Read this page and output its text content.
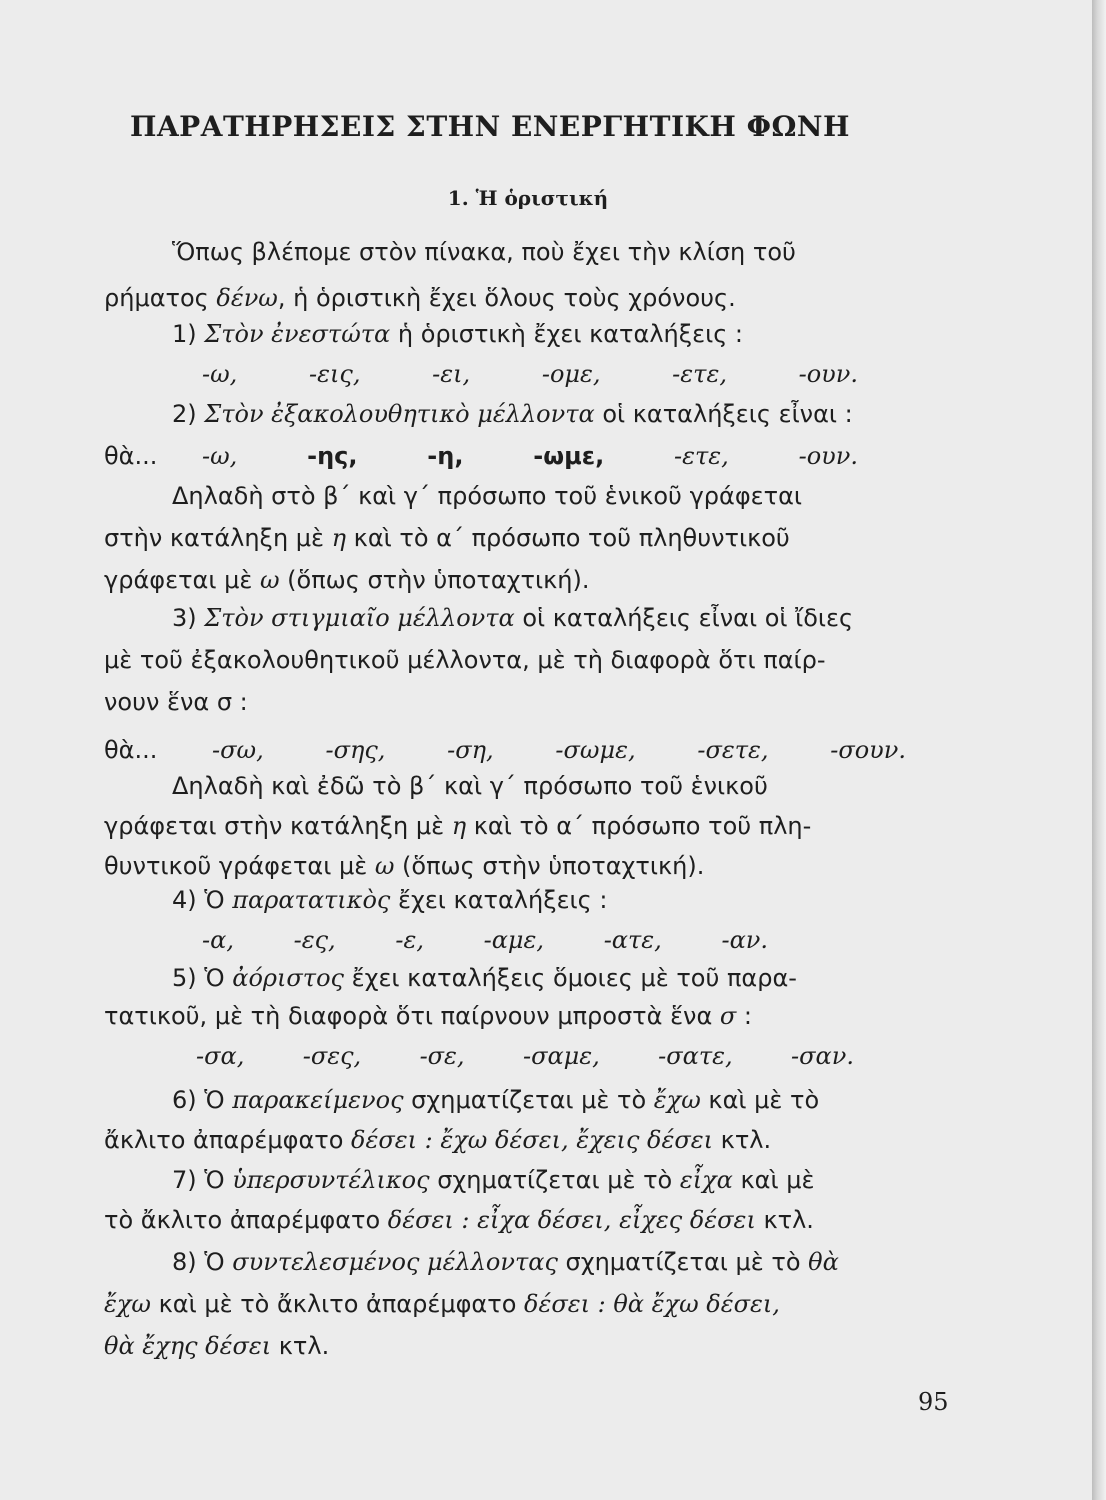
ΠΑΡΑΤΗΡΗΣΕΙΣ ΣΤΗΝ ΕΝΕΡΓΗΤΙΚΗ ΦΩΝΗ
1. Ἡ ὁριστική
Ὅπως βλέπομε στὸν πίνακα, ποὺ ἔχει τὴν κλίση τοῦ
ρήματος δένω, ἡ ὁριστικὴ ἔχει ὅλους τοὺς χρόνους.
1) Στὸν ἐνεστώτα ἡ ὁριστικὴ ἔχει καταλήξεις :
-ω,	-εις,	-ει,	-ομε,	-ετε,	-ουν.
2) Στὸν ἐξακολουθητικὸ μέλλοντα οἱ καταλήξεις εἶναι :
θὰ... -ω,	-ης,	-η,	-ωμε,	-ετε,	-ουν.
Δηλαδὴ στὸ β΄ καὶ γ΄ πρόσωπο τοῦ ἑνικοῦ γράφεται
στὴν κατάληξη μὲ η καὶ τὸ α΄ πρόσωπο τοῦ πληθυντικοῦ
γράφεται μὲ ω (ὅπως στὴν ὑποταχτική).
3) Στὸν στιγμιαῖο μέλλοντα οἱ καταλήξεις εἶναι οἱ ἴδιες
μὲ τοῦ ἐξακολουθητικοῦ μέλλοντα, μὲ τὴ διαφορὰ ὅτι παίρ-
νουν ἕνα σ :
θὰ...	-σω,	-σης,	-ση,	-σωμε,	-σετε,	-σουν.
Δηλαδὴ καὶ ἐδῶ τὸ β΄ καὶ γ΄ πρόσωπο τοῦ ἑνικοῦ
γράφεται στὴν κατάληξη μὲ η καὶ τὸ α΄ πρόσωπο τοῦ πλη-
θυντικοῦ γράφεται μὲ ω (ὅπως στὴν ὑποταχτική).
4) Ὁ παρατατικὸς ἔχει καταλήξεις :
-α, -ες, -ε, -αμε, -ατε, -αν.
5) Ὁ ἀόριστος ἔχει καταλήξεις ὅμοιες μὲ τοῦ παρα-
τατικοῦ, μὲ τὴ διαφορὰ ὅτι παίρνουν μπροστὰ ἕνα σ :
-σα, -σες, -σε, -σαμε, -σατε, -σαν.
6) Ὁ παρακείμενος σχηματίζεται μὲ τὸ ἔχω καὶ μὲ τὸ
ἄκλιτο ἀπαρέμφατο δέσει : ἔχω δέσει, ἔχεις δέσει κτλ.
7) Ὁ ὑπερσυντέλικος σχηματίζεται μὲ τὸ εἶχα καὶ μὲ
τὸ ἄκλιτο ἀπαρέμφατο δέσει : εἶχα δέσει, εἶχες δέσει κτλ.
8) Ὁ συντελεσμένος μέλλοντας σχηματίζεται μὲ τὸ θὰ
ἔχω καὶ μὲ τὸ ἄκλιτο ἀπαρέμφατο δέσει : θὰ ἔχω δέσει,
θὰ ἔχης δέσει κτλ.
95
